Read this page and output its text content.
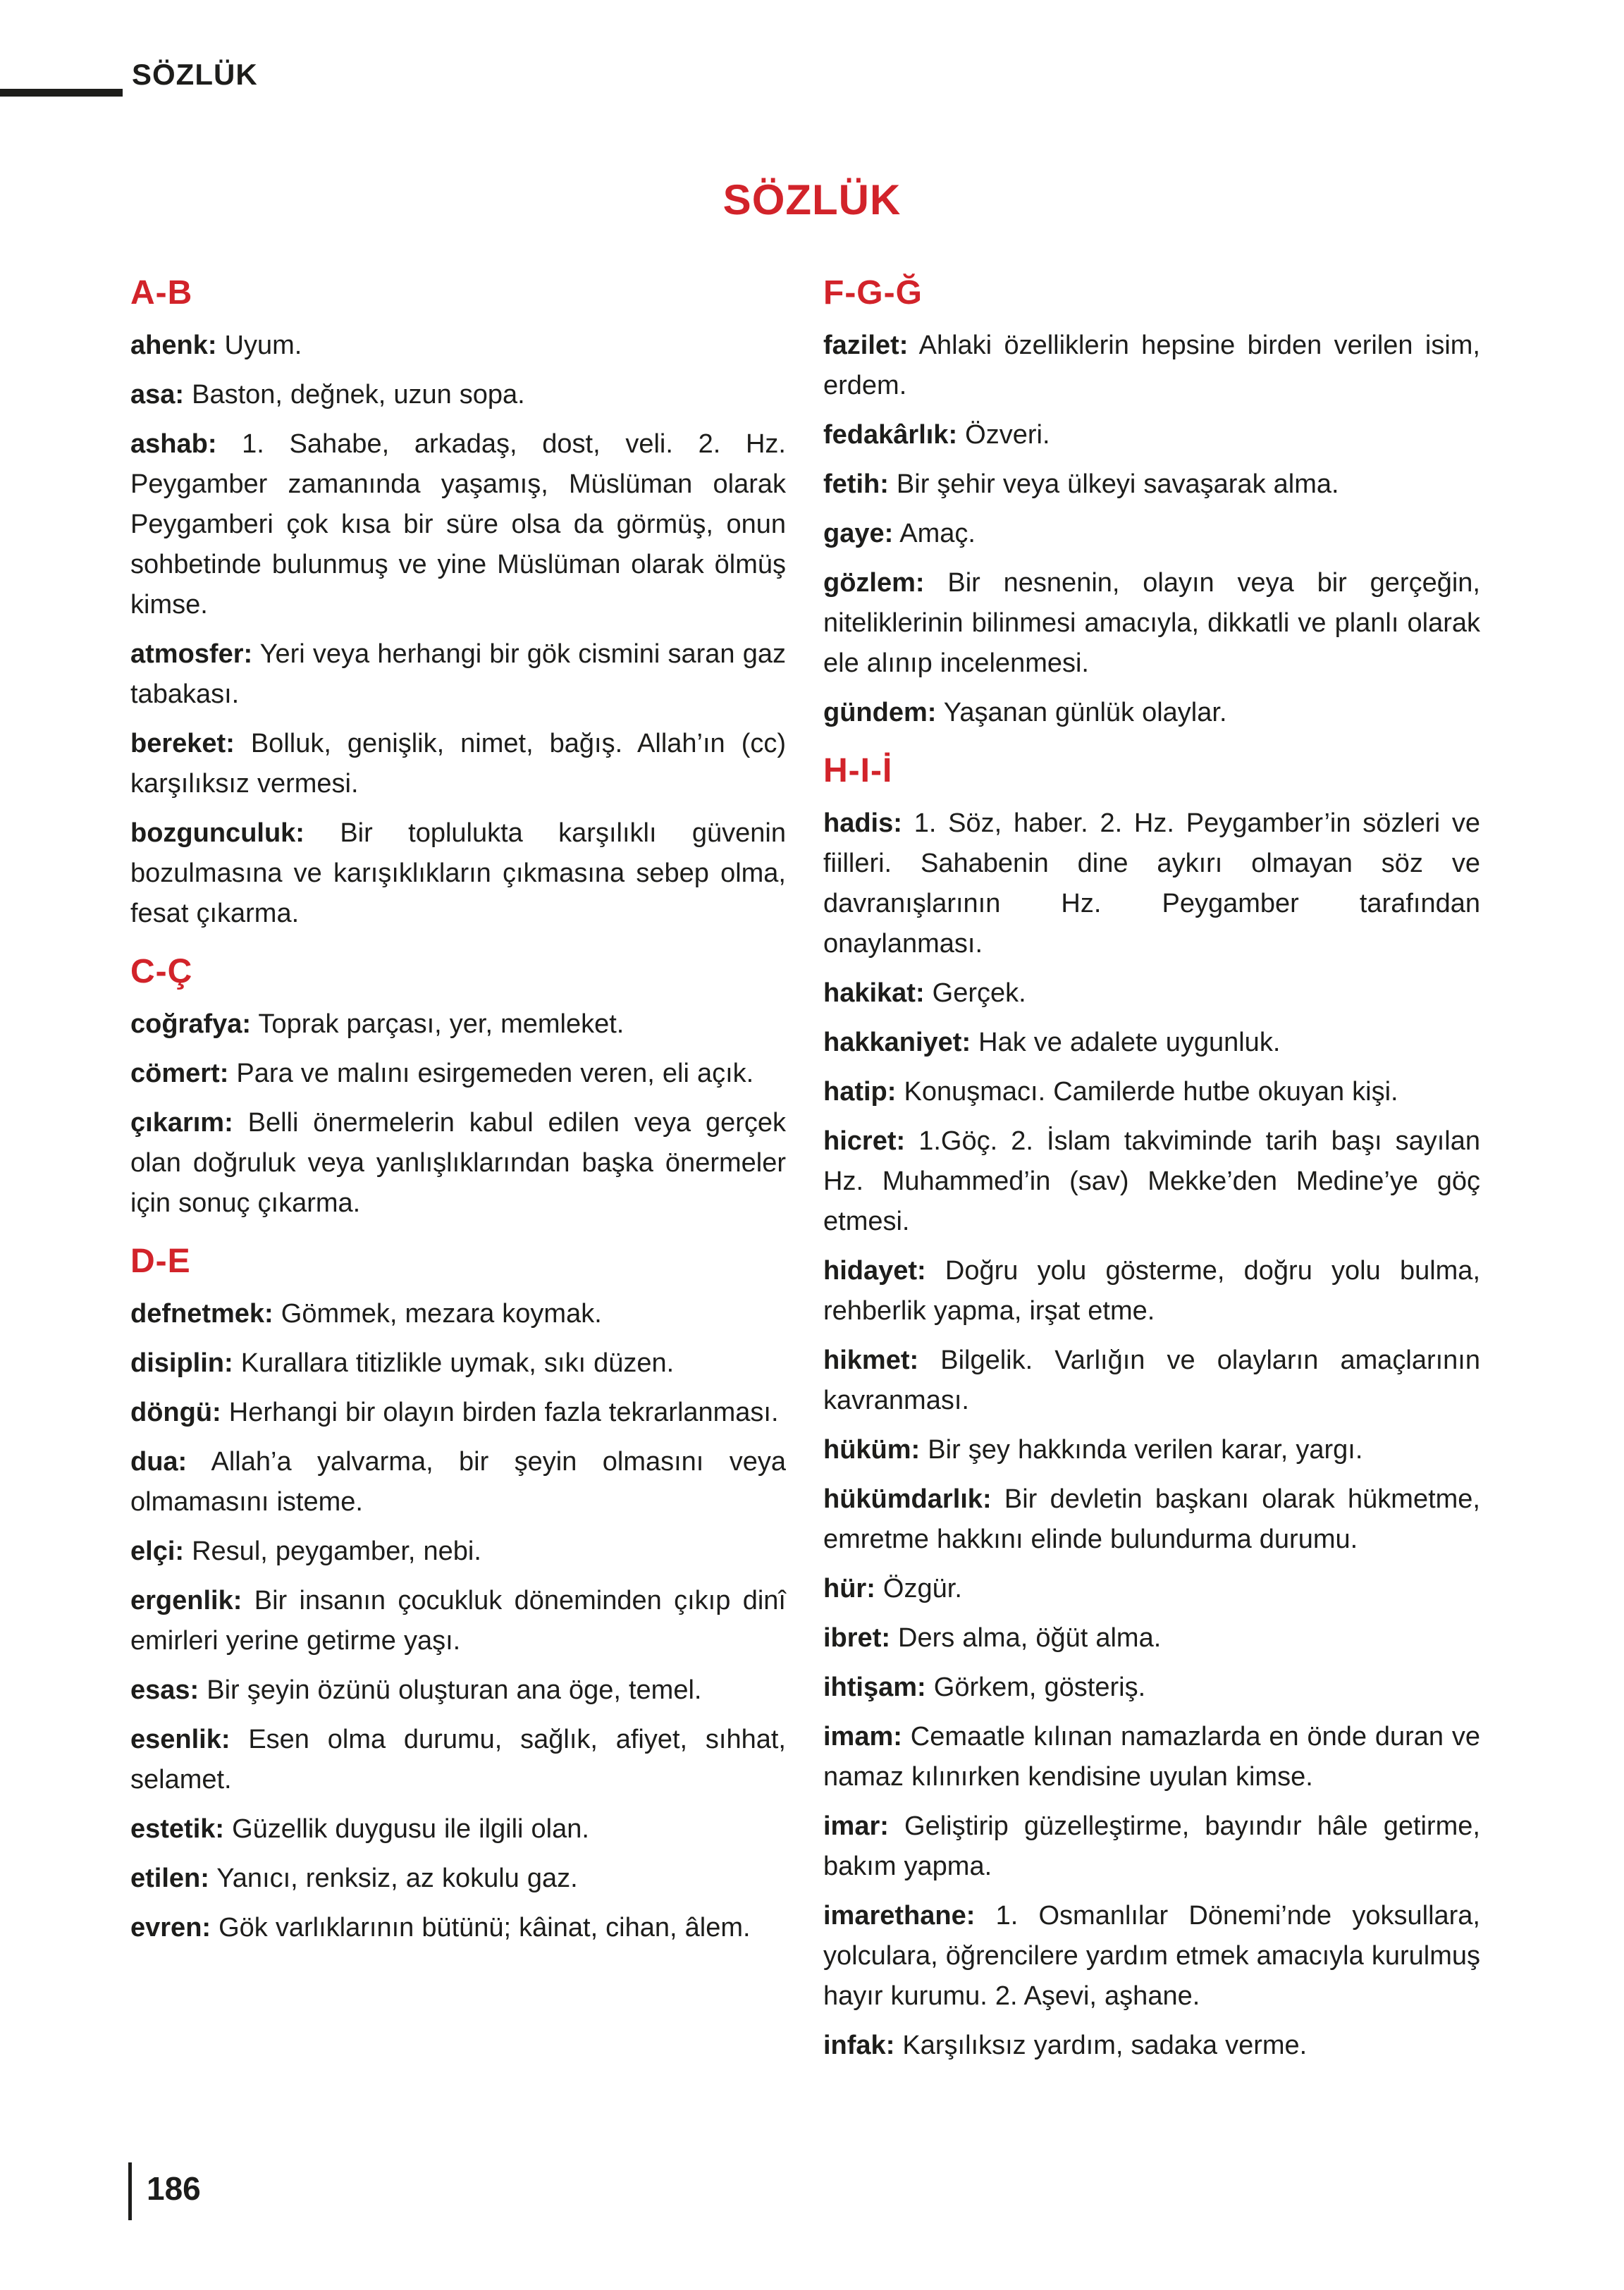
SÖZLÜK
SÖZLÜK
A-B

ahenk: Uyum.

asa: Baston, değnek, uzun sopa.

ashab: 1. Sahabe, arkadaş, dost, veli. 2. Hz. Peygamber zamanında yaşamış, Müslüman olarak Peygamberi çok kısa bir süre olsa da görmüş, onun sohbetinde bulunmuş ve yine Müslüman olarak ölmüş kimse.

atmosfer: Yeri veya herhangi bir gök cismini saran gaz tabakası.

bereket: Bolluk, genişlik, nimet, bağış. Allah’ın (cc) karşılıksız vermesi.

bozgunculuk: Bir toplulukta karşılıklı güvenin bozulmasına ve karışıklıkların çıkmasına sebep olma, fesat çıkarma.

C-Ç

coğrafya: Toprak parçası, yer, memleket.

cömert: Para ve malını esirgemeden veren, eli açık.

çıkarım: Belli önermelerin kabul edilen veya gerçek olan doğruluk veya yanlışlıklarından başka önermeler için sonuç çıkarma.

D-E

defnetmek: Gömmek, mezara koymak.

disiplin: Kurallara titizlikle uymak, sıkı düzen.

döngü: Herhangi bir olayın birden fazla tekrarlanması.

dua: Allah’a yalvarma, bir şeyin olmasını veya olmamasını isteme.

elçi: Resul, peygamber, nebi.

ergenlik: Bir insanın çocukluk döneminden çıkıp dinî emirleri yerine getirme yaşı.

esas: Bir şeyin özünü oluşturan ana öge, temel.

esenlik: Esen olma durumu, sağlık, afiyet, sıhhat, selamet.

estetik: Güzellik duygusu ile ilgili olan.

etilen: Yanıcı, renksiz, az kokulu gaz.

evren: Gök varlıklarının bütünü; kâinat, cihan, âlem.

F-G-Ğ

fazilet: Ahlaki özelliklerin hepsine birden verilen isim, erdem.

fedakârlık: Özveri.

fetih: Bir şehir veya ülkeyi savaşarak alma.

gaye: Amaç.

gözlem: Bir nesnenin, olayın veya bir gerçeğin, niteliklerinin bilinmesi amacıyla, dikkatli ve planlı olarak ele alınıp incelenmesi.

gündem: Yaşanan günlük olaylar.

H-I-İ

hadis: 1. Söz, haber. 2. Hz. Peygamber’in sözleri ve fiilleri. Sahabenin dine aykırı olmayan söz ve davranışlarının Hz. Peygamber tarafından onaylanması.

hakikat: Gerçek.

hakkaniyet: Hak ve adalete uygunluk.

hatip: Konuşmacı. Camilerde hutbe okuyan kişi.

hicret: 1.Göç. 2. İslam takviminde tarih başı sayılan Hz. Muhammed’in (sav) Mekke’den Medine’ye göç etmesi.

hidayet: Doğru yolu gösterme, doğru yolu bulma, rehberlik yapma, irşat etme.

hikmet: Bilgelik. Varlığın ve olayların amaçlarının kavranması.

hüküm: Bir şey hakkında verilen karar, yargı.

hükümdarlık: Bir devletin başkanı olarak hükmetme, emretme hakkını elinde bulundurma durumu.

hür: Özgür.

ibret: Ders alma, öğüt alma.

ihtişam: Görkem, gösteriş.

imam: Cemaatle kılınan namazlarda en önde duran ve namaz kılınırken kendisine uyulan kimse.

imar: Geliştirip güzelleştirme, bayındır hâle getirme, bakım yapma.

imarethane: 1. Osmanlılar Dönemi’nde yoksullara, yolculara, öğrencilere yardım etmek amacıyla kurulmuş hayır kurumu. 2. Aşevi, aşhane.

infak: Karşılıksız yardım, sadaka verme.

186
